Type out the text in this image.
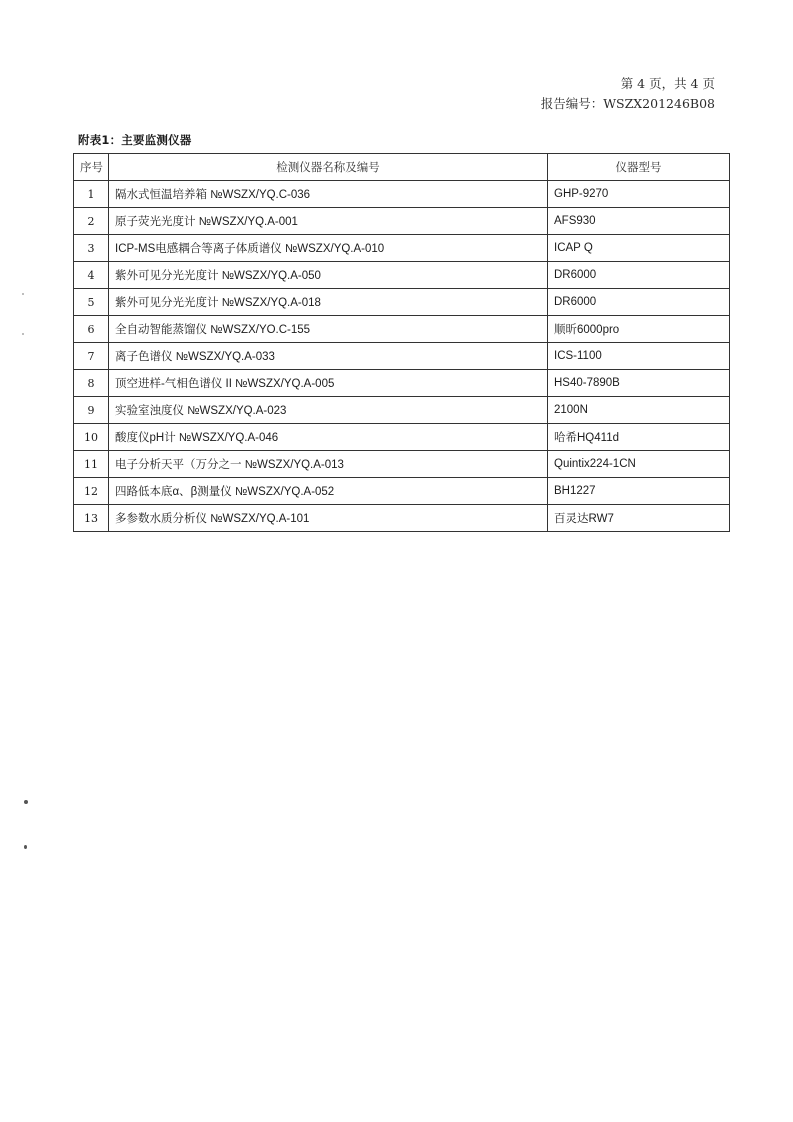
第 4 页，共 4 页
报告编号：WSZX201246B08
附表1：主要监测仪器
序号	检测仪器名称及编号	仪器型号
1	隔水式恒温培养箱 №WSZX/YQ.C-036	GHP-9270
2	原子荧光光度计 №WSZX/YQ.A-001	AFS930
3	ICP-MS电感耦合等离子体质谱仪 №WSZX/YQ.A-010	ICAP Q
4	紫外可见分光光度计 №WSZX/YQ.A-050	DR6000
5	紫外可见分光光度计 №WSZX/YQ.A-018	DR6000
6	全自动智能蒸馏仪 №WSZX/YO.C-155	顺昕6000pro
7	离子色谱仪 №WSZX/YQ.A-033	ICS-1100
8	顶空进样-气相色谱仪 II №WSZX/YQ.A-005	HS40-7890B
9	实验室浊度仪 №WSZX/YQ.A-023	2100N
10	酸度仪pH计 №WSZX/YQ.A-046	哈希HQ411d
11	电子分析天平（万分之一 №WSZX/YQ.A-013	Quintix224-1CN
12	四路低本底α、β测量仪 №WSZX/YQ.A-052	BH1227
13	多参数水质分析仪 №WSZX/YQ.A-101	百灵达RW7
